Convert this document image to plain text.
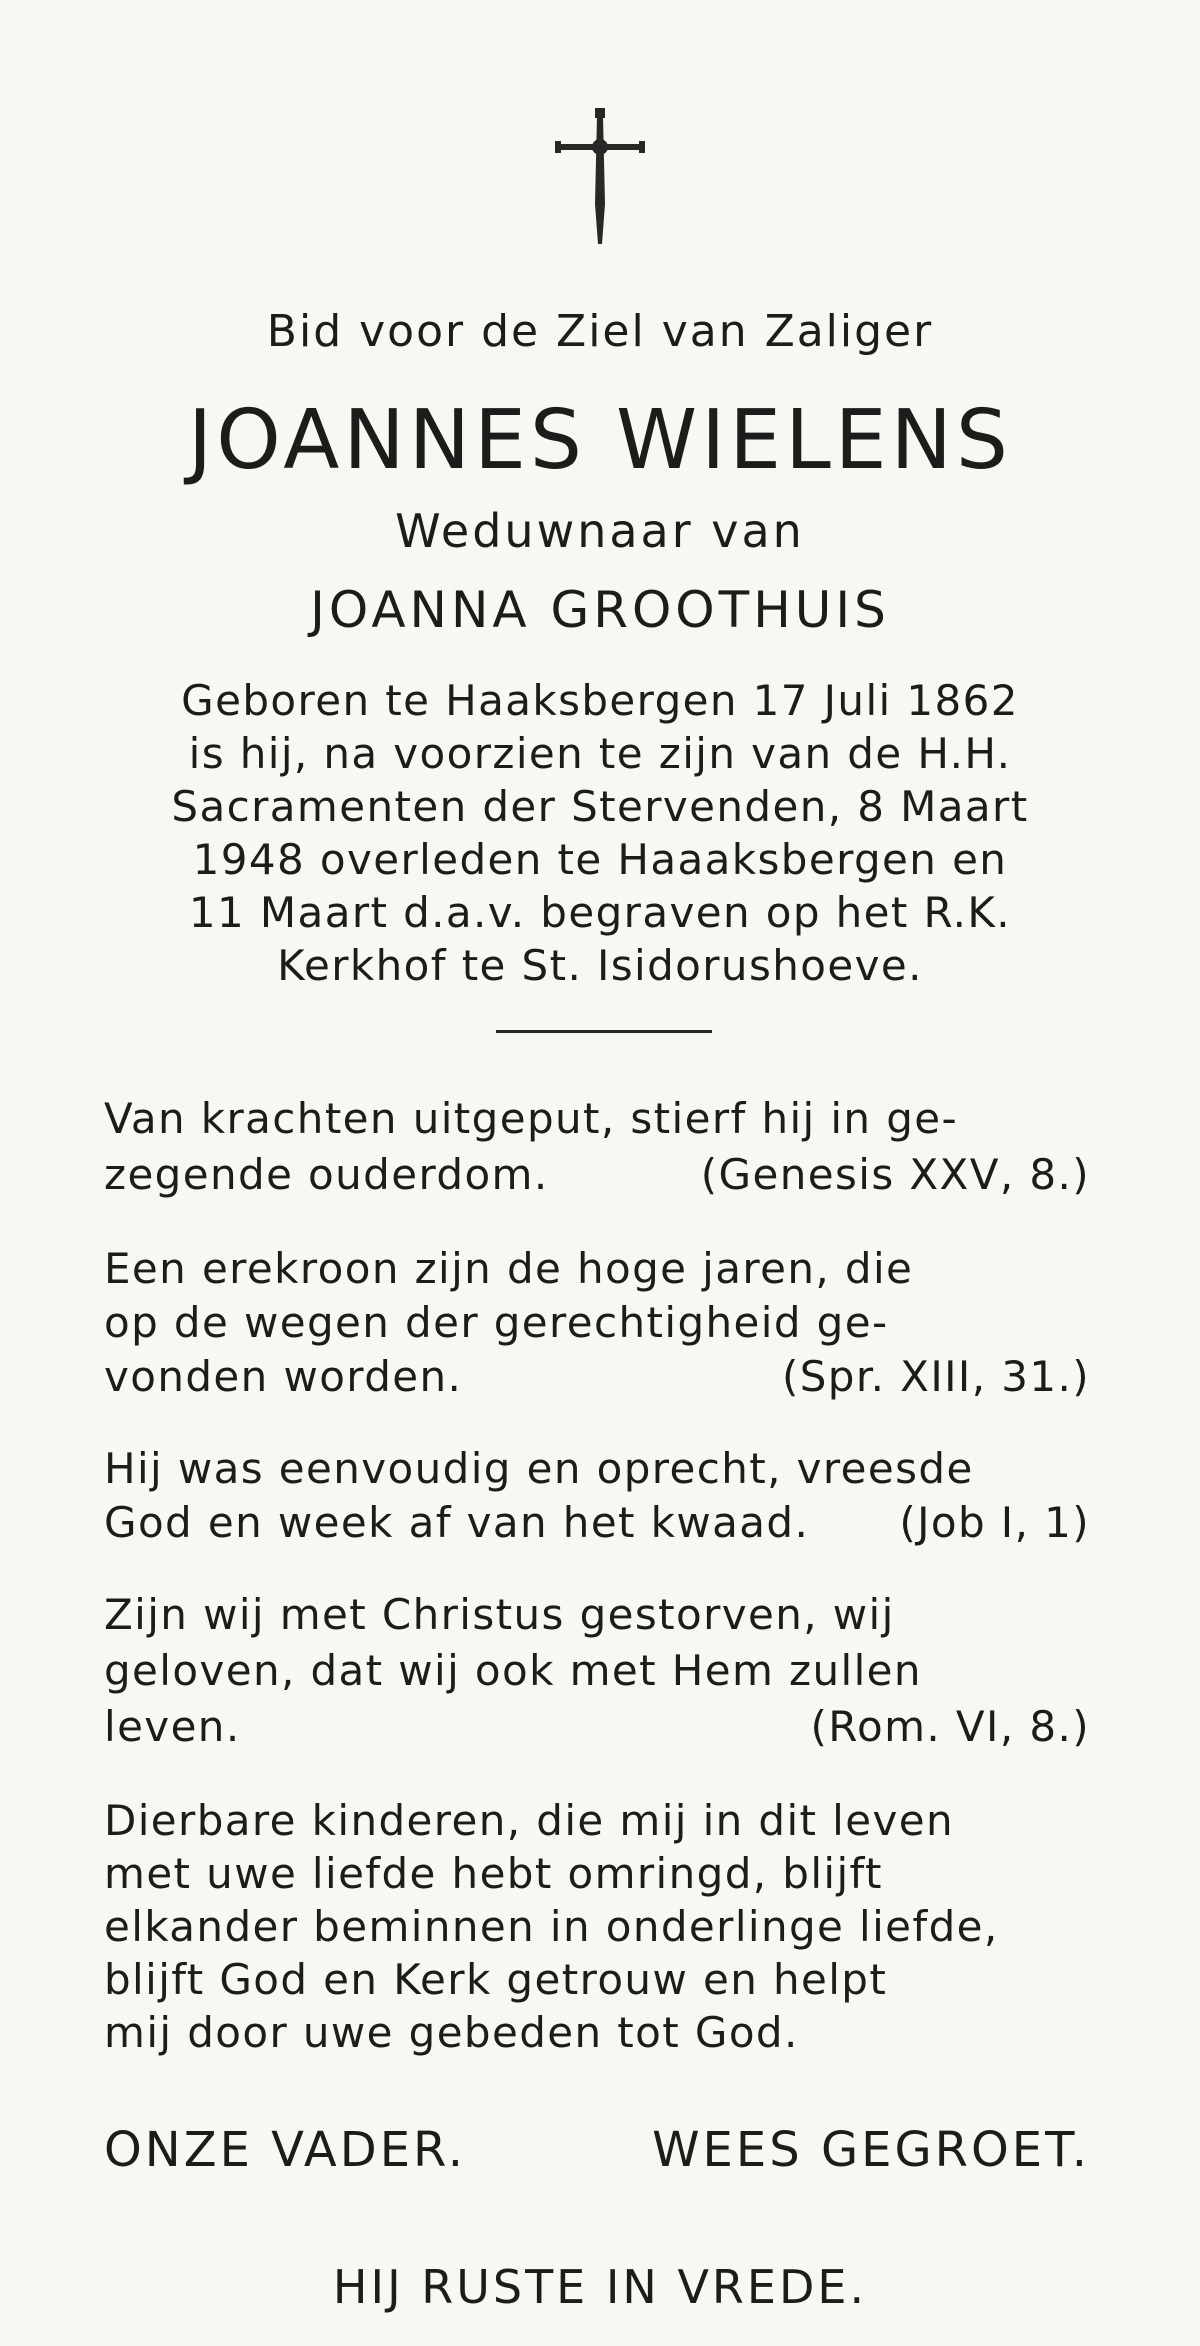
Bid voor de Ziel van Zaliger
JOANNES WIELENS
Weduwnaar van
JOANNA GROOTHUIS
Geboren te Haaksbergen 17 Juli 1862
is hij, na voorzien te zijn van de H.H.
Sacramenten der Stervenden, 8 Maart
1948 overleden te Haaaksbergen en
11 Maart d.a.v. begraven op het R.K.
Kerkhof te St. Isidorushoeve.
Van krachten uitgeput, stierf hij in ge-
zegende ouderdom.	(Genesis XXV, 8.)
Een erekroon zijn de hoge jaren, die
op de wegen der gerechtigheid ge-
vonden worden.	(Spr. XIII, 31.)
Hij was eenvoudig en oprecht, vreesde
God en week af van het kwaad. (Job I, 1)
Zijn wij met Christus gestorven, wij
geloven, dat wij ook met Hem zullen
leven.	(Rom. VI, 8.)
Dierbare kinderen, die mij in dit leven
met uwe liefde hebt omringd, blijft
elkander beminnen in onderlinge liefde,
blijft God en Kerk getrouw en helpt
mij door uwe gebeden tot God.
ONZE VADER.	WEES GEGROET.
HIJ RUSTE IN VREDE.
